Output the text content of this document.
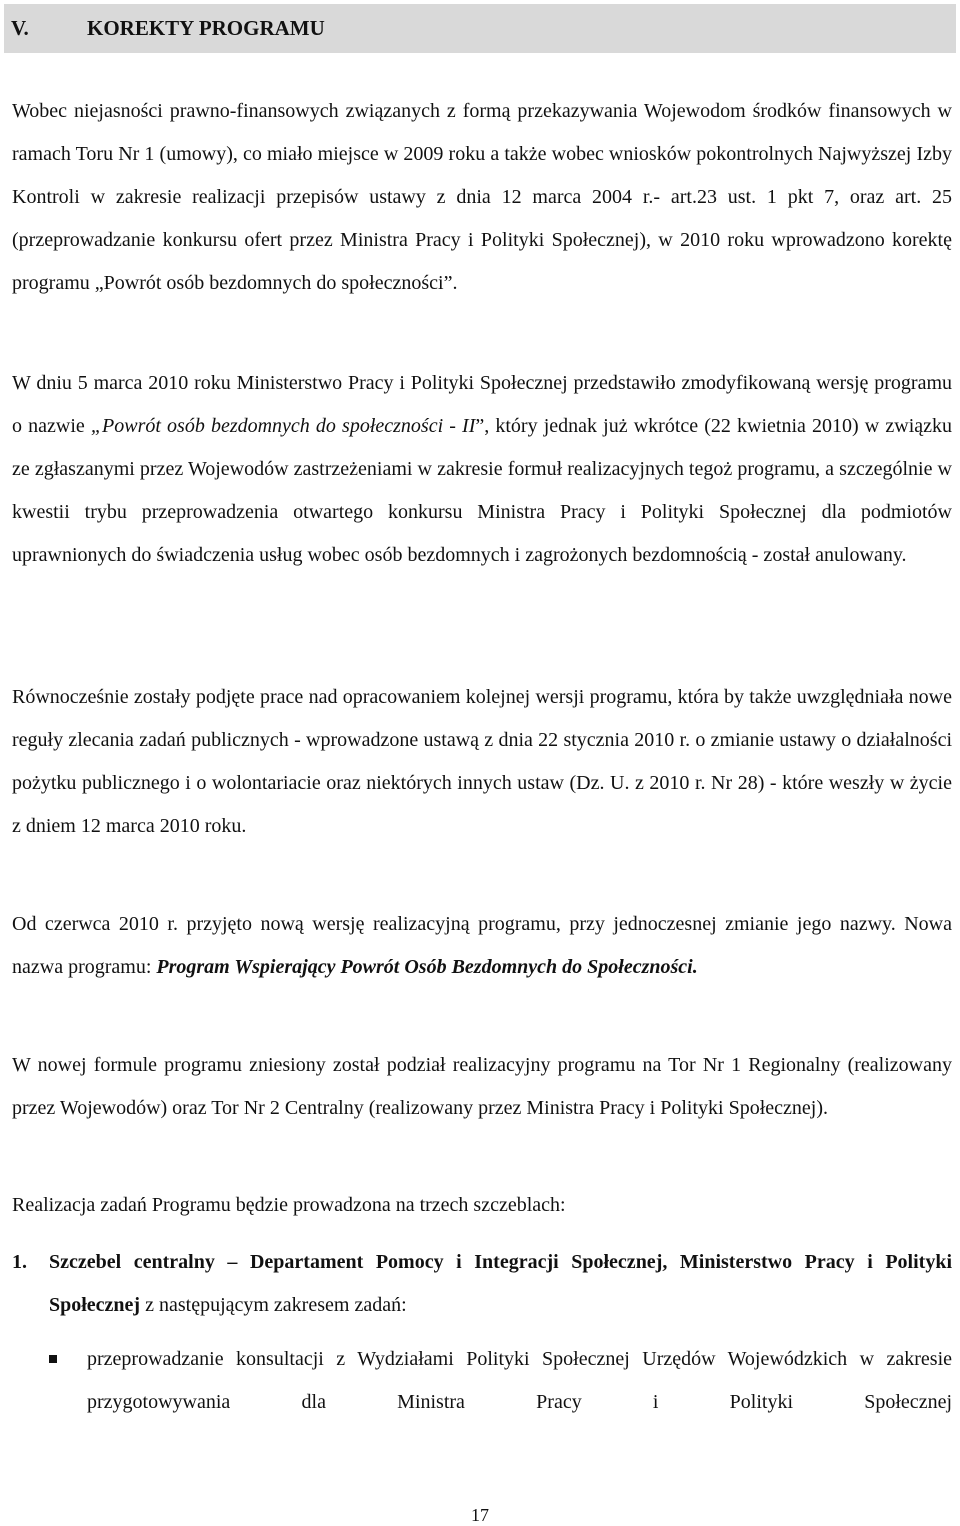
V.	KOREKTY PROGRAMU

Wobec niejasności prawno-finansowych związanych z formą przekazywania Wojewodom środków finansowych w ramach Toru Nr 1 (umowy), co miało miejsce w 2009 roku a także wobec wniosków pokontrolnych Najwyższej Izby Kontroli w zakresie realizacji przepisów ustawy z dnia 12 marca 2004 r.- art.23 ust. 1 pkt 7, oraz art. 25 (przeprowadzanie konkursu ofert przez Ministra Pracy i Polityki Społecznej), w 2010 roku wprowadzono korektę programu „Powrót osób bezdomnych do społeczności”.

W dniu 5 marca 2010 roku Ministerstwo Pracy i Polityki Społecznej przedstawiło zmodyfikowaną wersję programu o nazwie „Powrót osób bezdomnych do społeczności - II”, który jednak już wkrótce (22 kwietnia 2010) w związku ze zgłaszanymi przez Wojewodów zastrzeżeniami w zakresie formuł realizacyjnych tegoż programu, a szczególnie w kwestii trybu przeprowadzenia otwartego konkursu Ministra Pracy i Polityki Społecznej dla podmiotów uprawnionych do świadczenia usług wobec osób bezdomnych i zagrożonych bezdomnością - został anulowany.

Równocześnie zostały podjęte prace nad opracowaniem kolejnej wersji programu, która by także uwzględniała nowe reguły zlecania zadań publicznych - wprowadzone ustawą z dnia 22 stycznia 2010 r. o zmianie ustawy o działalności pożytku publicznego i o wolontariacie oraz niektórych innych ustaw (Dz. U. z 2010 r. Nr 28) - które weszły w życie z dniem 12 marca 2010 roku.

Od czerwca 2010 r. przyjęto nową wersję realizacyjną programu, przy jednoczesnej zmianie jego nazwy. Nowa nazwa programu: Program Wspierający Powrót Osób Bezdomnych do Społeczności.

W nowej formule programu zniesiony został podział realizacyjny programu na Tor Nr 1 Regionalny (realizowany przez Wojewodów) oraz Tor Nr 2 Centralny (realizowany przez Ministra Pracy i Polityki Społecznej).

Realizacja zadań Programu będzie prowadzona na trzech szczeblach:

1. Szczebel centralny – Departament Pomocy i Integracji Społecznej, Ministerstwo Pracy i Polityki Społecznej z następującym zakresem zadań:
przeprowadzanie konsultacji z Wydziałami Polityki Społecznej Urzędów Wojewódzkich w zakresie przygotowywania dla Ministra Pracy i Polityki Społecznej
17
